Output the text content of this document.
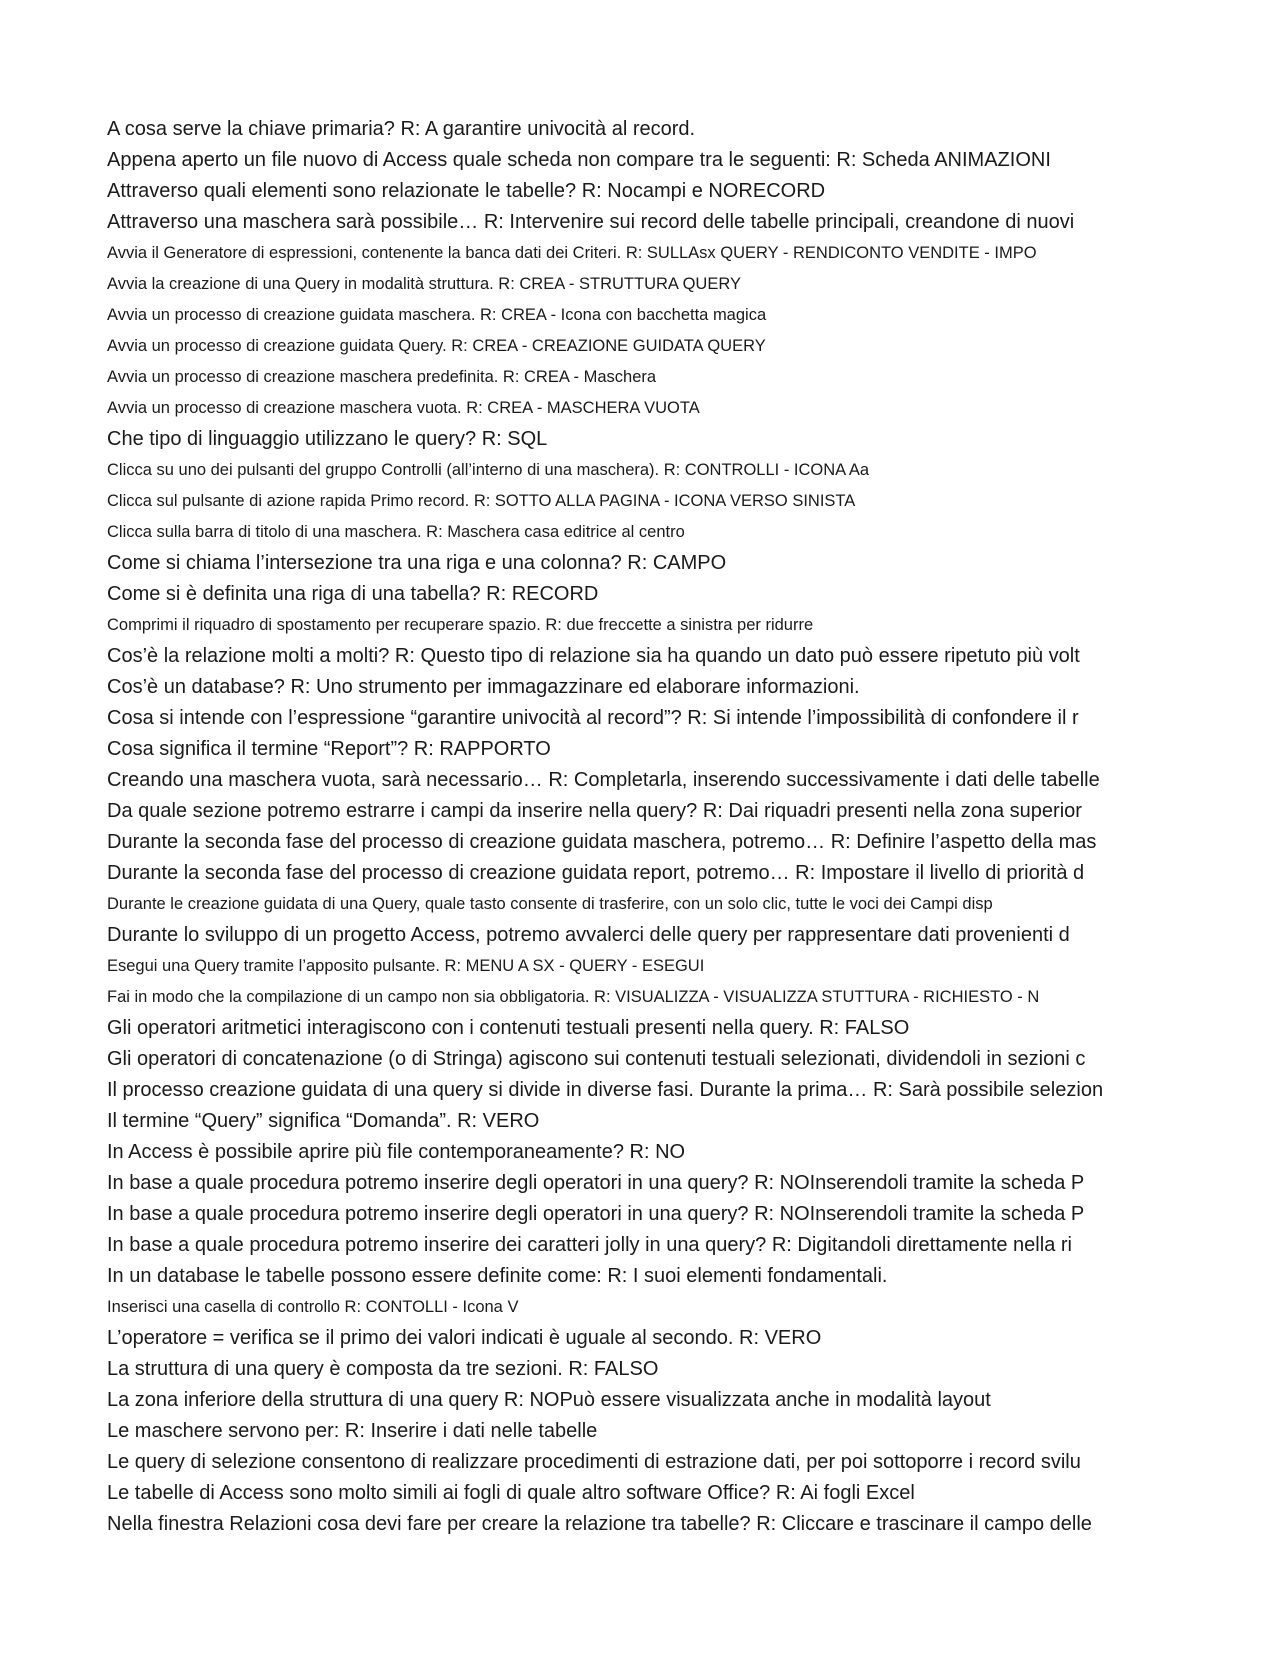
A cosa serve la chiave primaria? R: A garantire univocità al record.
Appena aperto un file nuovo di Access quale scheda non compare tra le seguenti: R: Scheda ANIMAZIONI
Attraverso quali elementi sono relazionate le tabelle? R: Nocampi e NORECORD
Attraverso una maschera sarà possibile… R: Intervenire sui record delle tabelle principali, creandone di nuovi
Avvia il Generatore di espressioni, contenente la banca dati dei Criteri. R: SULLAsx QUERY - RENDICONTO VENDITE - IMPO
Avvia la creazione di una Query in modalità struttura. R: CREA - STRUTTURA QUERY
Avvia un processo di creazione guidata maschera. R: CREA - Icona con bacchetta magica
Avvia un processo di creazione guidata Query. R: CREA - CREAZIONE GUIDATA QUERY
Avvia un processo di creazione maschera predefinita. R: CREA - Maschera
Avvia un processo di creazione maschera vuota. R: CREA - MASCHERA VUOTA
Che tipo di linguaggio utilizzano le query? R: SQL
Clicca su uno dei pulsanti del gruppo Controlli (all’interno di una maschera). R: CONTROLLI - ICONA Aa
Clicca sul pulsante di azione rapida Primo record. R: SOTTO ALLA PAGINA - ICONA VERSO SINISTA
Clicca sulla barra di titolo di una maschera. R: Maschera casa editrice al centro
Come si chiama l’intersezione tra una riga e una colonna? R: CAMPO
Come si è definita una riga di una tabella? R: RECORD
Comprimi il riquadro di spostamento per recuperare spazio. R: due freccette a sinistra per ridurre
Cos’è la relazione molti a molti? R: Questo tipo di relazione sia ha quando un dato può essere ripetuto più volt
Cos’è un database? R: Uno strumento per immagazzinare ed elaborare informazioni.
Cosa si intende con l’espressione “garantire univocità al record”? R: Si intende l’impossibilità di confondere il r
Cosa significa il termine “Report”? R: RAPPORTO
Creando una maschera vuota, sarà necessario… R: Completarla, inserendo successivamente i dati delle tabelle
Da quale sezione potremo estrarre i campi da inserire nella query? R: Dai riquadri presenti nella zona superior
Durante la seconda fase del processo di creazione guidata maschera, potremo… R: Definire l’aspetto della mas
Durante la seconda fase del processo di creazione guidata report, potremo… R: Impostare il livello di priorità d
Durante le creazione guidata di una Query, quale tasto consente di trasferire, con un solo clic, tutte le voci dei Campi disp
Durante lo sviluppo di un progetto Access, potremo avvalerci delle query per rappresentare dati provenienti d
Esegui una Query tramite l’apposito pulsante. R: MENU A SX - QUERY - ESEGUI
Fai in modo che la compilazione di un campo non sia obbligatoria. R: VISUALIZZA - VISUALIZZA STUTTURA - RICHIESTO - N
Gli operatori aritmetici interagiscono con i contenuti testuali presenti nella query. R: FALSO
Gli operatori di concatenazione (o di Stringa) agiscono sui contenuti testuali selezionati, dividendoli in sezioni c
Il processo creazione guidata di una query si divide in diverse fasi. Durante la prima… R: Sarà possibile selezion
Il termine “Query” significa “Domanda”. R: VERO
In Access è possibile aprire più file contemporaneamente? R: NO
In base a quale procedura potremo inserire degli operatori in una query? R: NOInserendoli tramite la scheda P
In base a quale procedura potremo inserire degli operatori in una query? R: NOInserendoli tramite la scheda P
In base a quale procedura potremo inserire dei caratteri jolly in una query? R: Digitandoli direttamente nella ri
In un database le tabelle possono essere definite come: R: I suoi elementi fondamentali.
Inserisci una casella di controllo R: CONTOLLI - Icona V
L’operatore = verifica se il primo dei valori indicati è uguale al secondo. R: VERO
La struttura di una query è composta da tre sezioni. R: FALSO
La zona inferiore della struttura di una query R: NOPuò essere visualizzata anche in modalità layout
Le maschere servono per: R: Inserire i dati nelle tabelle
Le query di selezione consentono di realizzare procedimenti di estrazione dati, per poi sottoporre i record svilu
Le tabelle di Access sono molto simili ai fogli di quale altro software Office? R: Ai fogli Excel
Nella finestra Relazioni cosa devi fare per creare la relazione tra tabelle? R: Cliccare e trascinare il campo delle
